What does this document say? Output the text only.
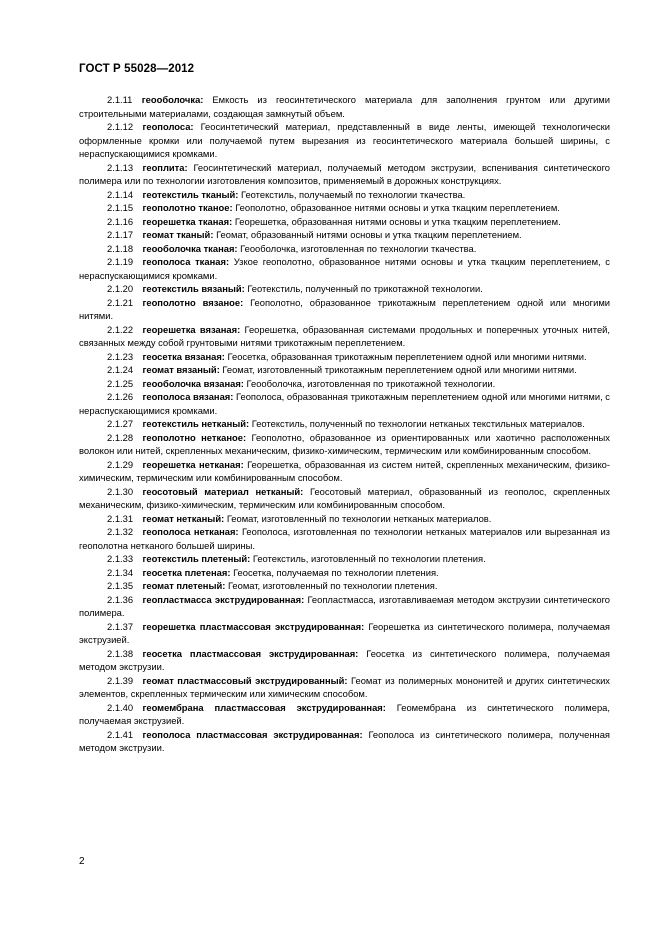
ГОСТ Р 55028—2012

2.1.11  геооболочка: Емкость из геосинтетического материала для заполнения грунтом или другими строительными материалами, создающая замкнутый объем.

2.1.12  геополоса: Геосинтетический материал, представленный в виде ленты, имеющей технологически оформленные кромки или получаемой путем вырезания из геосинтетического материала большей ширины, с нераспускающимися кромками.

2.1.13  геоплита: Геосинтетический материал, получаемый методом экструзии, вспенивания синтетического полимера или по технологии изготовления композитов, применяемый в дорожных конструкциях.

2.1.14  геотекстиль тканый: Геотекстиль, получаемый по технологии ткачества.

2.1.15  геополотно тканое: Геополотно, образованное нитями основы и утка ткацким переплетением.

2.1.16  георешетка тканая: Георешетка, образованная нитями основы и утка ткацким переплетением.

2.1.17  геомат тканый: Геомат, образованный нитями основы и утка ткацким переплетением.

2.1.18  геооболочка тканая: Геооболочка, изготовленная по технологии ткачества.

2.1.19  геополоса тканая: Узкое геополотно, образованное нитями основы и утка ткацким переплетением, с нераспускающимися кромками.

2.1.20  геотекстиль вязаный: Геотекстиль, полученный по трикотажной технологии.

2.1.21  геополотно вязаное: Геополотно, образованное трикотажным переплетением одной или многими нитями.

2.1.22  георешетка вязаная: Георешетка, образованная системами продольных и поперечных уточных нитей, связанных между собой грунтовыми нитями трикотажным переплетением.

2.1.23  геосетка вязаная: Геосетка, образованная трикотажным переплетением одной или многими нитями.

2.1.24  геомат вязаный: Геомат, изготовленный трикотажным переплетением одной или многими нитями.

2.1.25  геооболочка вязаная: Геооболочка, изготовленная по трикотажной технологии.

2.1.26  геополоса вязаная: Геополоса, образованная трикотажным переплетением одной или многими нитями, с нераспускающимися кромками.

2.1.27  геотекстиль нетканый: Геотекстиль, полученный по технологии нетканых текстильных материалов.

2.1.28  геополотно нетканое: Геополотно, образованное из ориентированных или хаотично расположенных волокон или нитей, скрепленных механическим, физико-химическим, термическим или комбинированным способом.

2.1.29  георешетка нетканая: Георешетка, образованная из систем нитей, скрепленных механическим, физико-химическим, термическим или комбинированным способом.

2.1.30  геосотовый материал нетканый: Геосотовый материал, образованный из геополос, скрепленных механическим, физико-химическим, термическим или комбинированным способом.

2.1.31  геомат нетканый: Геомат, изготовленный по технологии нетканых материалов.

2.1.32  геополоса нетканая: Геополоса, изготовленная по технологии нетканых материалов или вырезанная из геополотна нетканого большей ширины.

2.1.33  геотекстиль плетеный: Геотекстиль, изготовленный по технологии плетения.

2.1.34  геосетка плетеная: Геосетка, получаемая по технологии плетения.

2.1.35  геомат плетеный: Геомат, изготовленный по технологии плетения.

2.1.36  геопластмасса экструдированная: Геопластмасса, изготавливаемая методом экструзии синтетического полимера.

2.1.37  георешетка пластмассовая экструдированная: Георешетка из синтетического полимера, получаемая экструзией.

2.1.38  геосетка пластмассовая экструдированная: Геосетка из синтетического полимера, получаемая методом экструзии.

2.1.39  геомат пластмассовый экструдированный: Геомат из полимерных мононитей и других синтетических элементов, скрепленных термическим или химическим способом.

2.1.40  геомембрана пластмассовая экструдированная: Геомембрана из синтетического полимера, получаемая экструзией.

2.1.41  геополоса пластмассовая экструдированная: Геополоса из синтетического полимера, полученная методом экструзии.

2
